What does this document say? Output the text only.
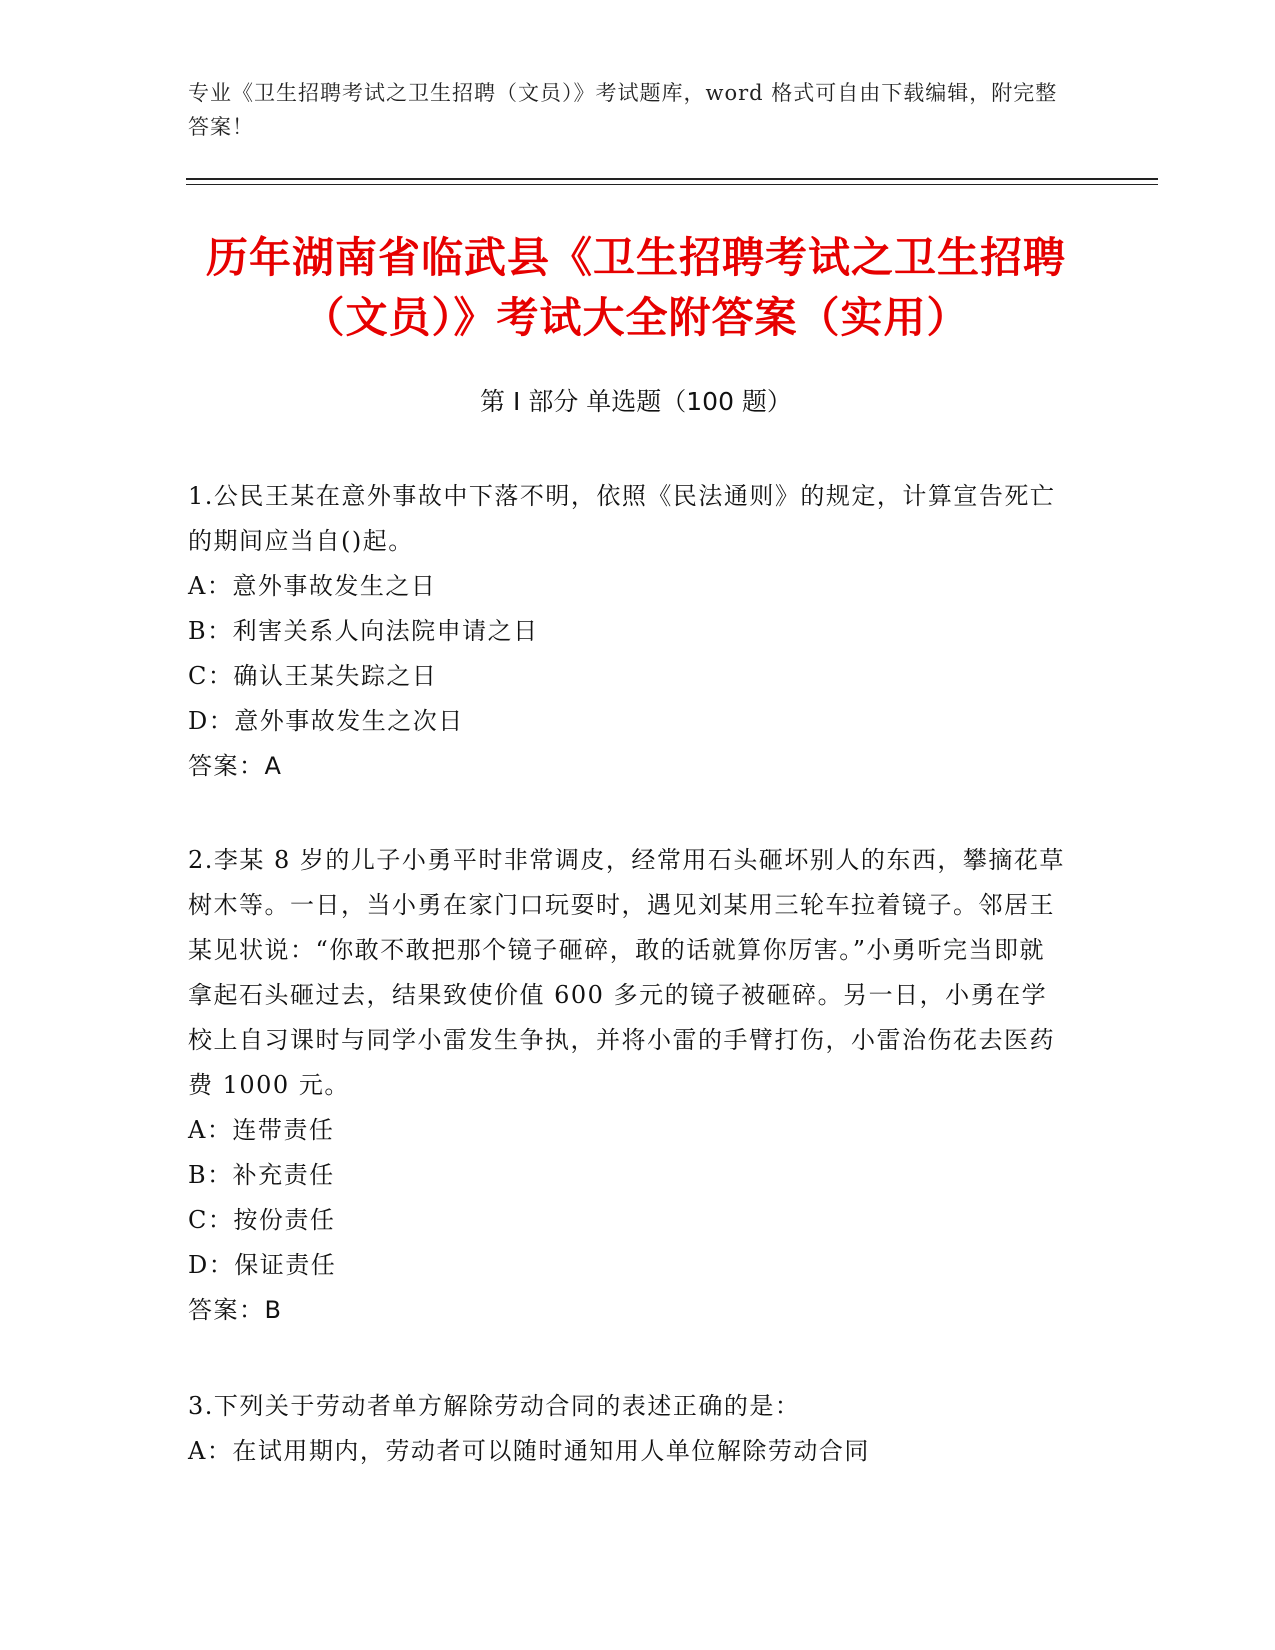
专业《卫生招聘考试之卫生招聘（文员）》考试题库，word 格式可自由下载编辑，附完整答案！
历年湖南省临武县《卫生招聘考试之卫生招聘（文员）》考试大全附答案（实用）
第 I 部分 单选题（100 题）
1.公民王某在意外事故中下落不明，依照《民法通则》的规定，计算宣告死亡的期间应当自()起。
A：意外事故发生之日
B：利害关系人向法院申请之日
C：确认王某失踪之日
D：意外事故发生之次日
答案：A
2.李某 8 岁的儿子小勇平时非常调皮，经常用石头砸坏别人的东西，攀摘花草树木等。一日，当小勇在家门口玩耍时，遇见刘某用三轮车拉着镜子。邻居王某见状说：“你敢不敢把那个镜子砸碎，敢的话就算你厉害。”小勇听完当即就拿起石头砸过去，结果致使价值 600 多元的镜子被砸碎。另一日，小勇在学校上自习课时与同学小雷发生争执，并将小雷的手臂打伤，小雷治伤花去医药费 1000 元。
A：连带责任
B：补充责任
C：按份责任
D：保证责任
答案：B
3.下列关于劳动者单方解除劳动合同的表述正确的是：
A：在试用期内，劳动者可以随时通知用人单位解除劳动合同
